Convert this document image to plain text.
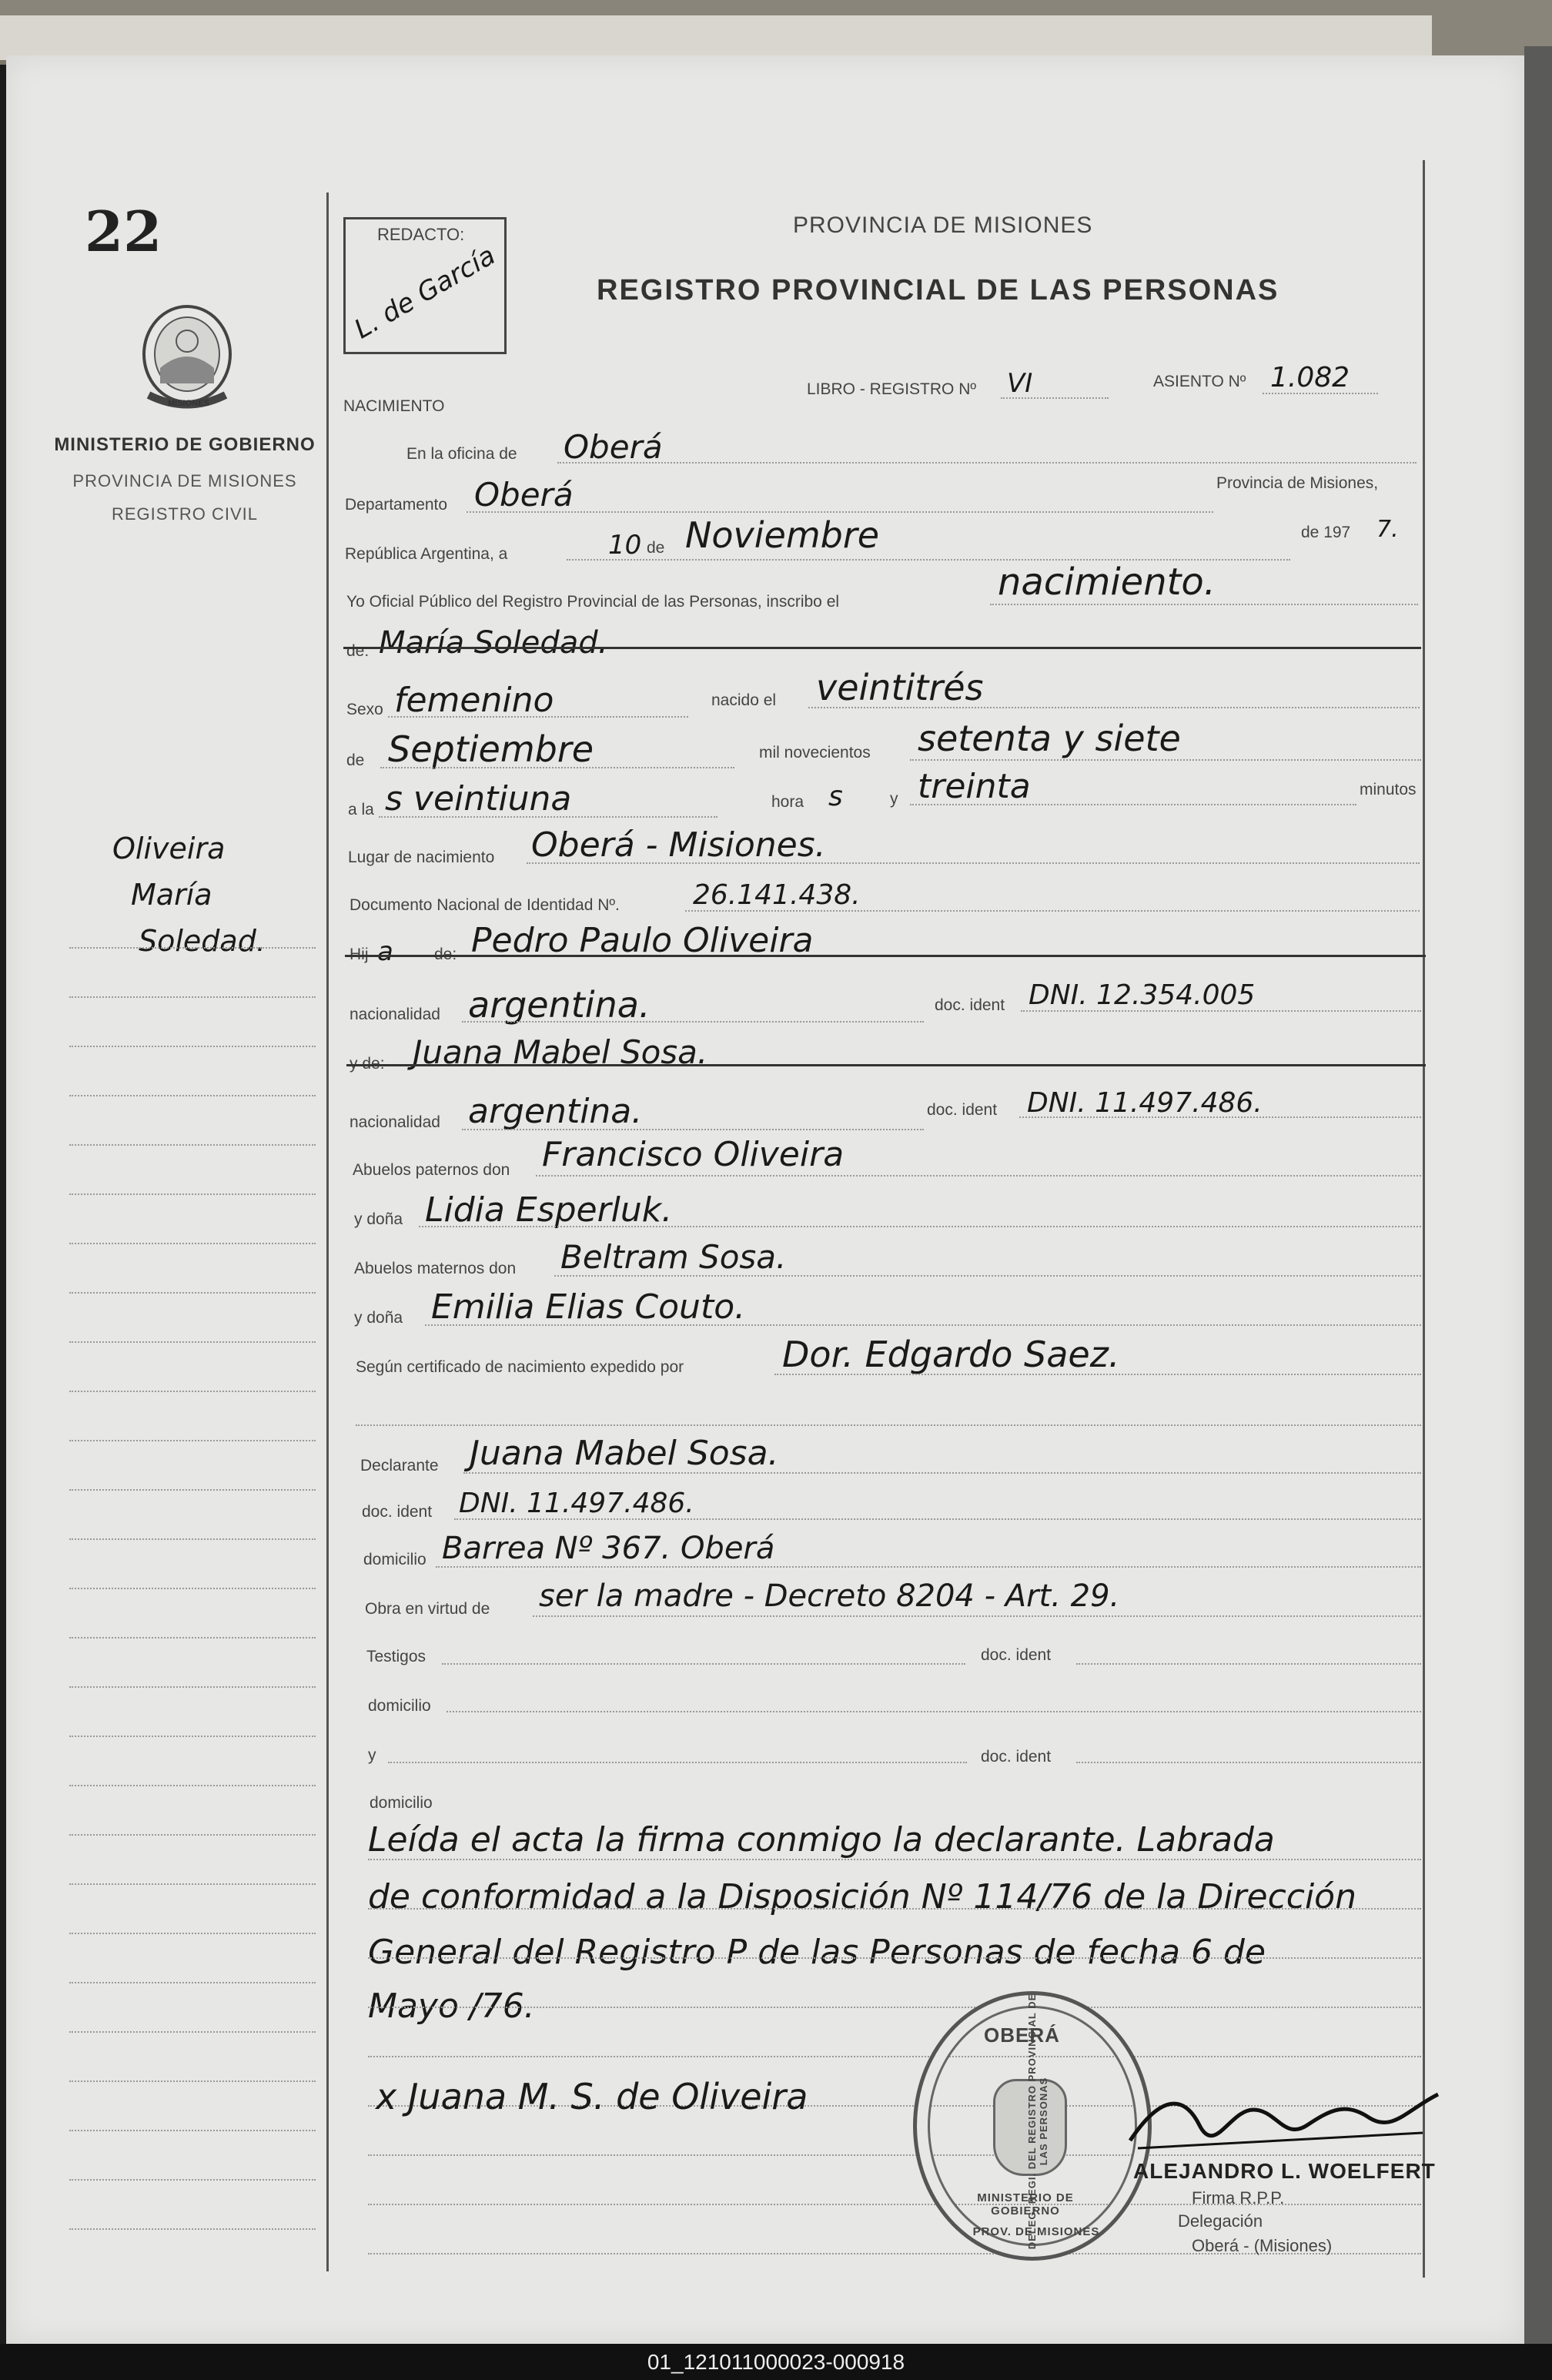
22
MISIONES
MINISTERIO DE GOBIERNO
PROVINCIA DE MISIONES
REGISTRO CIVIL
Oliveira
María
Soledad.
REDACTO:
L. de García
PROVINCIA DE MISIONES
REGISTRO PROVINCIAL DE LAS PERSONAS
LIBRO - REGISTRO Nº VI	ASIENTO Nº 1.082
NACIMIENTO
En la oficina de Oberá
Departamento Oberá	Provincia de Misiones,
República Argentina, a	10 de Noviembre	de 197 7.
Yo Oficial Público del Registro Provincial de las Personas, inscribo el	nacimiento.
de: María Soledad.
Sexo femenino	nacido el veintitrés
de Septiembre	mil novecientos setenta y siete
a la s veintiuna	hora s	y treinta	minutos
Lugar de nacimiento Oberá - Misiones.
Documento Nacional de Identidad Nº.	26.141.438.
Hij a	de: Pedro Paulo Oliveira
nacionalidad argentina.	doc. ident DNI. 12.354.005
y de: Juana Mabel Sosa.
nacionalidad argentina.	doc. ident DNI. 11.497.486.
Abuelos paternos don Francisco Oliveira
y doña Lidia Esperluk.
Abuelos maternos don Beltram Sosa.
y doña Emilia Elias Couto.
Según certificado de nacimiento expedido por	Dor. Edgardo Saez.
Declarante Juana Mabel Sosa.
doc. ident DNI. 11.497.486.
domicilio Barrea Nº 367. Oberá
Obra en virtud de ser la madre - Decreto 8204 - Art. 29.
Testigos	doc. ident
domicilio
y	doc. ident
domicilio
Leída el acta la firma conmigo la declarante. Labrada
de conformidad a la Disposición Nº 114/76 de la Dirección
General del Registro P de las Personas de fecha 6 de
Mayo /76.
x Juana M. S. de Oliveira
OBERÁ
DELEG. REGI. DEL REGISTRO PROVINCIAL DE LAS PERSONAS
MINISTERIO DE GOBIERNO
PROV. DE MISIONES
ALEJANDRO L. WOELFERT
Firma R.P.P.
Delegación
Oberá - (Misiones)
01_121011000023-000918
